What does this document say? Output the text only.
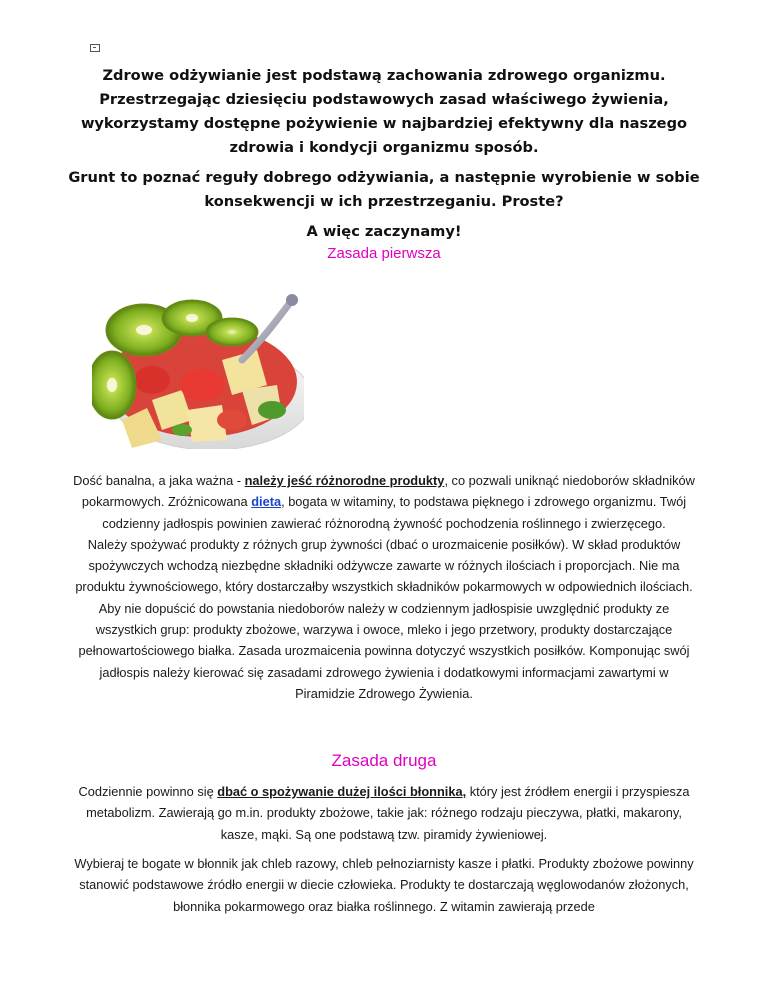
Zdrowe odżywianie jest podstawą zachowania zdrowego organizmu. Przestrzegając dziesięciu podstawowych zasad właściwego żywienia, wykorzystamy dostępne pożywienie w najbardziej efektywny dla naszego zdrowia i kondycji organizmu sposób.

Grunt to poznać reguły dobrego odżywiania, a następnie wyrobienie w sobie konsekwencji w ich przestrzeganiu. Proste?

A więc zaczynamy!

Zasada pierwsza

Dość banalna, a jaka ważna - należy jeść różnorodne produkty, co pozwali uniknąć niedoborów składników pokarmowych. Zróżnicowana dieta, bogata w witaminy, to podstawa pięknego i zdrowego organizmu. Twój codzienny jadłospis powinien zawierać różnorodną żywność pochodzenia roślinnego i zwierzęcego.
Należy spożywać produkty z różnych grup żywności (dbać o urozmaicenie posiłków). W skład produktów spożywczych wchodzą niezbędne składniki odżywcze zawarte w różnych ilościach i proporcjach. Nie ma produktu żywnościowego, który dostarczałby wszystkich składników pokarmowych w odpowiednich ilościach. Aby nie dopuścić do powstania niedoborów należy w codziennym jadłospisie uwzględnić produkty ze wszystkich grup: produkty zbożowe, warzywa i owoce, mleko i jego przetwory, produkty dostarczające pełnowartościowego białka. Zasada urozmaicenia powinna dotyczyć wszystkich posiłków. Komponując swój jadłospis należy kierować się zasadami zdrowego żywienia i dodatkowymi informacjami zawartymi w Piramidzie Zdrowego Żywienia.

Zasada druga

Codziennie powinno się dbać o spożywanie dużej ilości błonnika, który jest źródłem energii i przyspiesza metabolizm. Zawierają go m.in. produkty zbożowe, takie jak: różnego rodzaju pieczywa, płatki, makarony, kasze, mąki. Są one podstawą tzw. piramidy żywieniowej.

Wybieraj te bogate w błonnik jak chleb razowy, chleb pełnoziarnisty kasze i płatki. Produkty zbożowe powinny stanowić podstawowe źródło energii w diecie człowieka. Produkty te dostarczają węglowodanów złożonych, błonnika pokarmowego oraz białka roślinnego. Z witamin zawierają przede
